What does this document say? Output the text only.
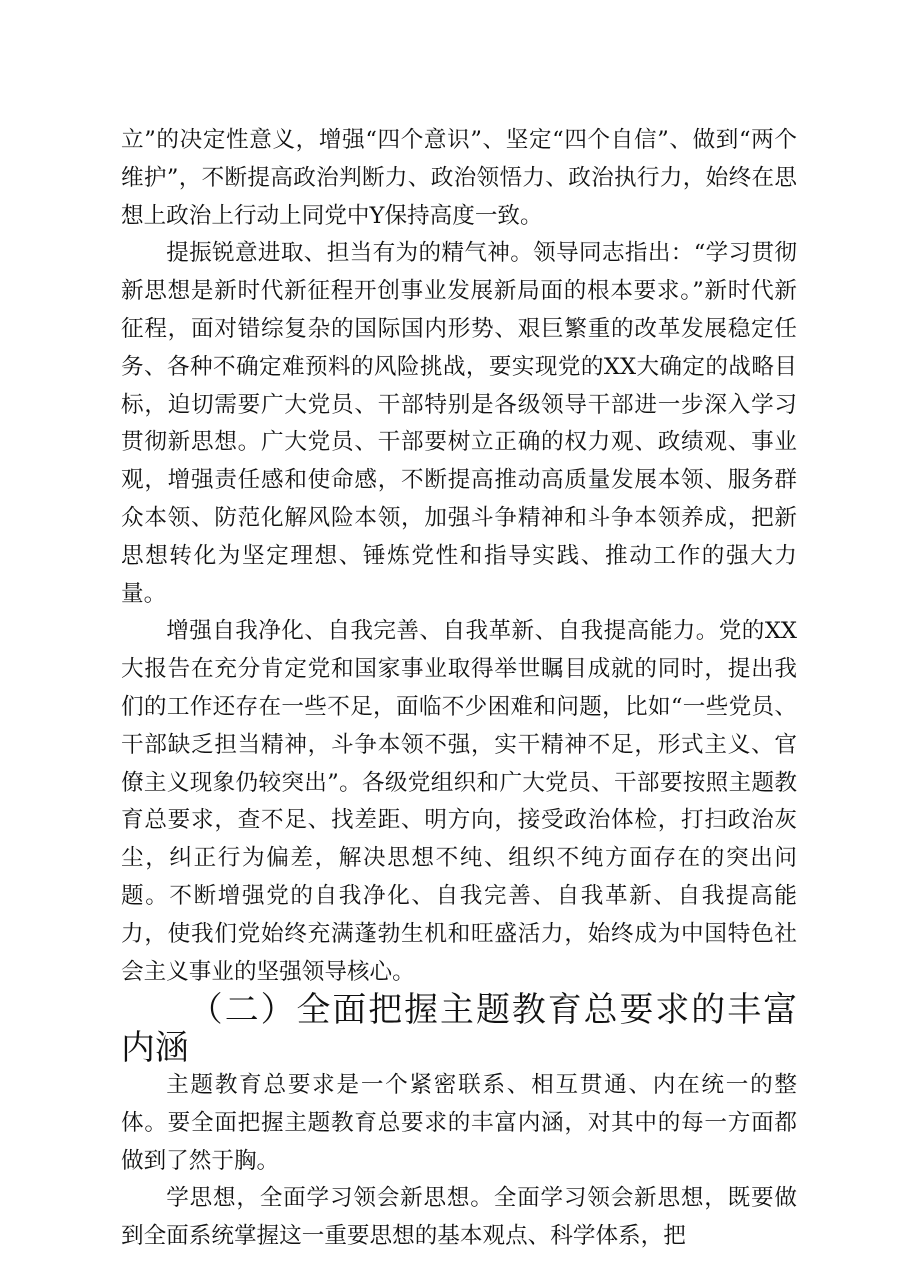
立”的决定性意义，增强“四个意识”、坚定“四个自信”、做到“两个维护”，不断提高政治判断力、政治领悟力、政治执行力，始终在思想上政治上行动上同党中Y保持高度一致。

提振锐意进取、担当有为的精气神。领导同志指出：“学习贯彻新思想是新时代新征程开创事业发展新局面的根本要求。”新时代新征程，面对错综复杂的国际国内形势、艰巨繁重的改革发展稳定任务、各种不确定难预料的风险挑战，要实现党的XX大确定的战略目标，迫切需要广大党员、干部特别是各级领导干部进一步深入学习贯彻新思想。广大党员、干部要树立正确的权力观、政绩观、事业观，增强责任感和使命感，不断提高推动高质量发展本领、服务群众本领、防范化解风险本领，加强斗争精神和斗争本领养成，把新思想转化为坚定理想、锤炼党性和指导实践、推动工作的强大力量。

增强自我净化、自我完善、自我革新、自我提高能力。党的XX大报告在充分肯定党和国家事业取得举世瞩目成就的同时，提出我们的工作还存在一些不足，面临不少困难和问题，比如“一些党员、干部缺乏担当精神，斗争本领不强，实干精神不足，形式主义、官僚主义现象仍较突出”。各级党组织和广大党员、干部要按照主题教育总要求，查不足、找差距、明方向，接受政治体检，打扫政治灰尘，纠正行为偏差，解决思想不纯、组织不纯方面存在的突出问题。不断增强党的自我净化、自我完善、自我革新、自我提高能力，使我们党始终充满蓬勃生机和旺盛活力，始终成为中国特色社会主义事业的坚强领导核心。

（二）全面把握主题教育总要求的丰富内涵

主题教育总要求是一个紧密联系、相互贯通、内在统一的整体。要全面把握主题教育总要求的丰富内涵，对其中的每一方面都做到了然于胸。

学思想，全面学习领会新思想。全面学习领会新思想，既要做到全面系统掌握这一重要思想的基本观点、科学体系，把
